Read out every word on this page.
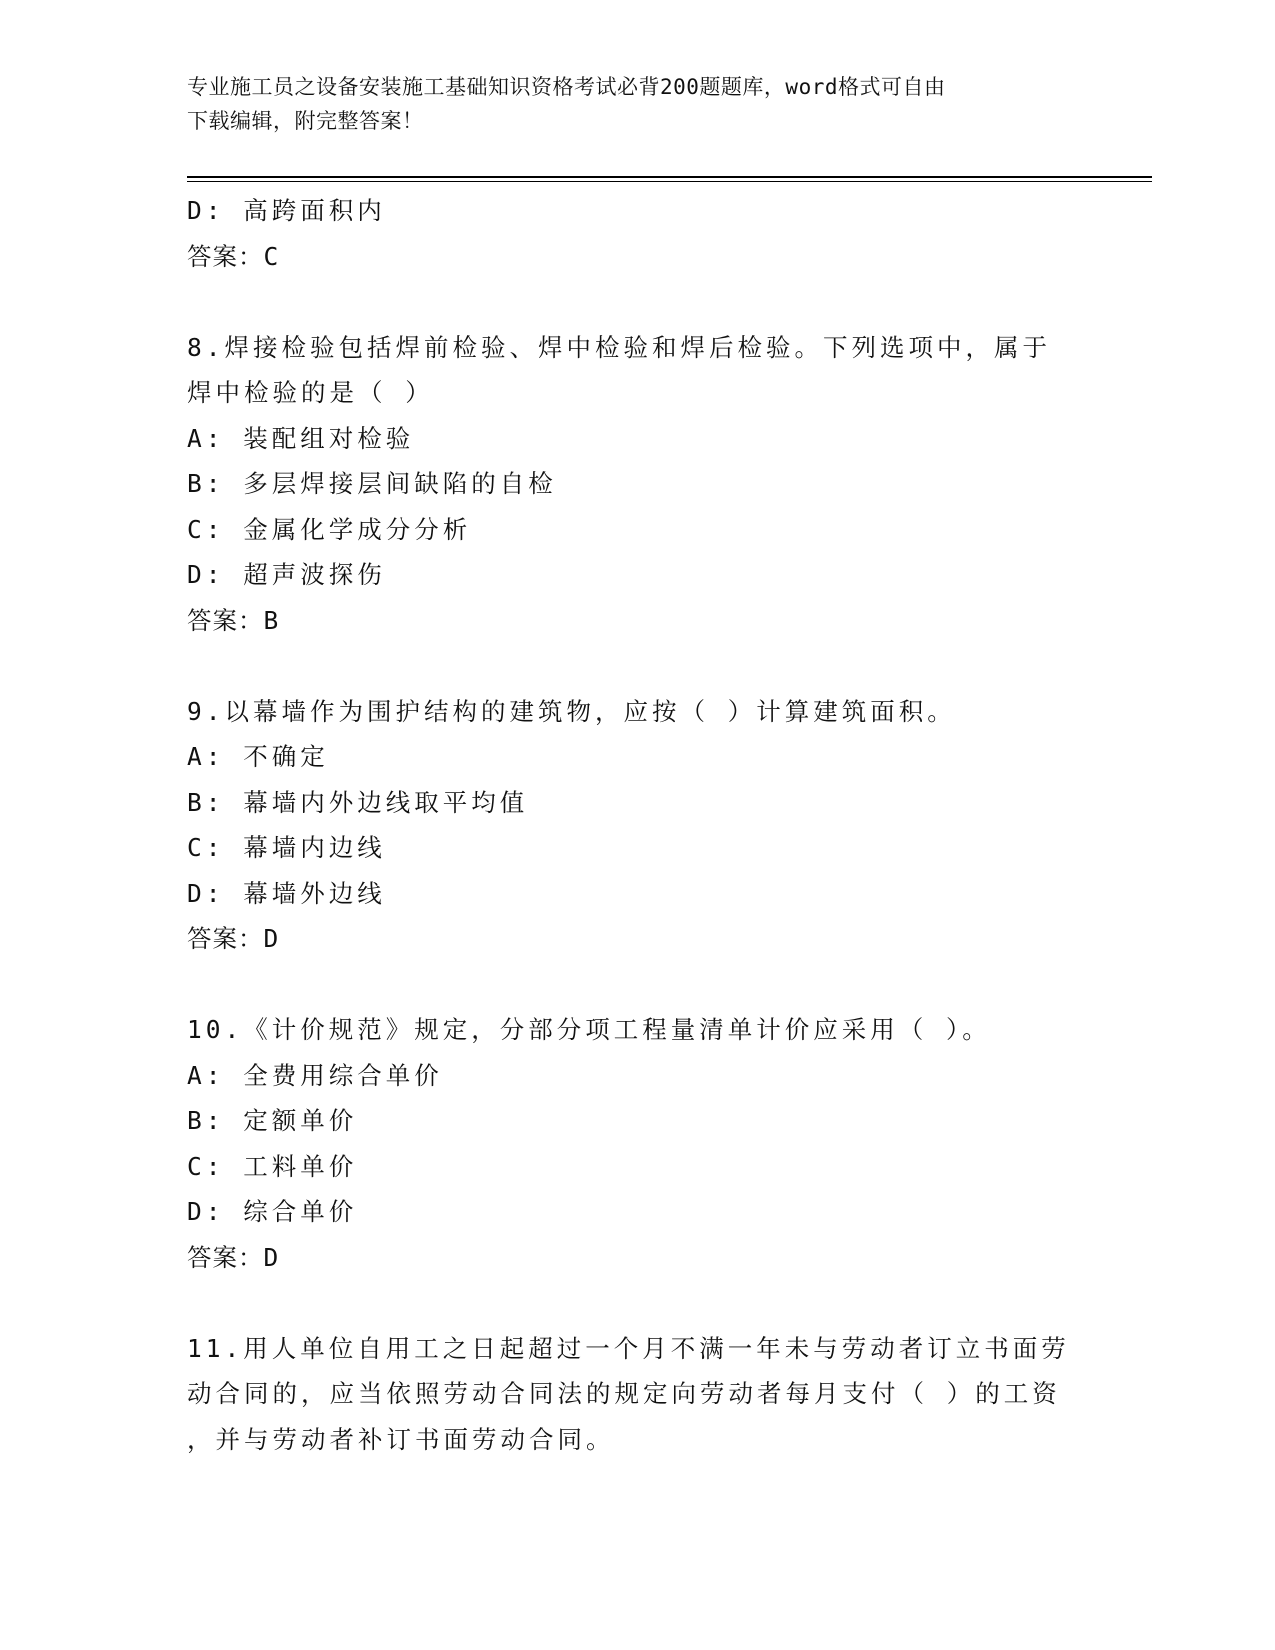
专业施工员之设备安装施工基础知识资格考试必背200题题库，word格式可自由
下载编辑，附完整答案！
D: 高跨面积内
答案：C
8.焊接检验包括焊前检验、焊中检验和焊后检验。下列选项中，属于
焊中检验的是（ ）
A: 装配组对检验
B: 多层焊接层间缺陷的自检
C: 金属化学成分分析
D: 超声波探伤
答案：B
9.以幕墙作为围护结构的建筑物，应按（ ）计算建筑面积。
A: 不确定
B: 幕墙内外边线取平均值
C: 幕墙内边线
D: 幕墙外边线
答案：D
10.《计价规范》规定，分部分项工程量清单计价应采用（ ）。
A: 全费用综合单价
B: 定额单价
C: 工料单价
D: 综合单价
答案：D
11.用人单位自用工之日起超过一个月不满一年未与劳动者订立书面劳
动合同的，应当依照劳动合同法的规定向劳动者每月支付（ ）的工资
，并与劳动者补订书面劳动合同。
